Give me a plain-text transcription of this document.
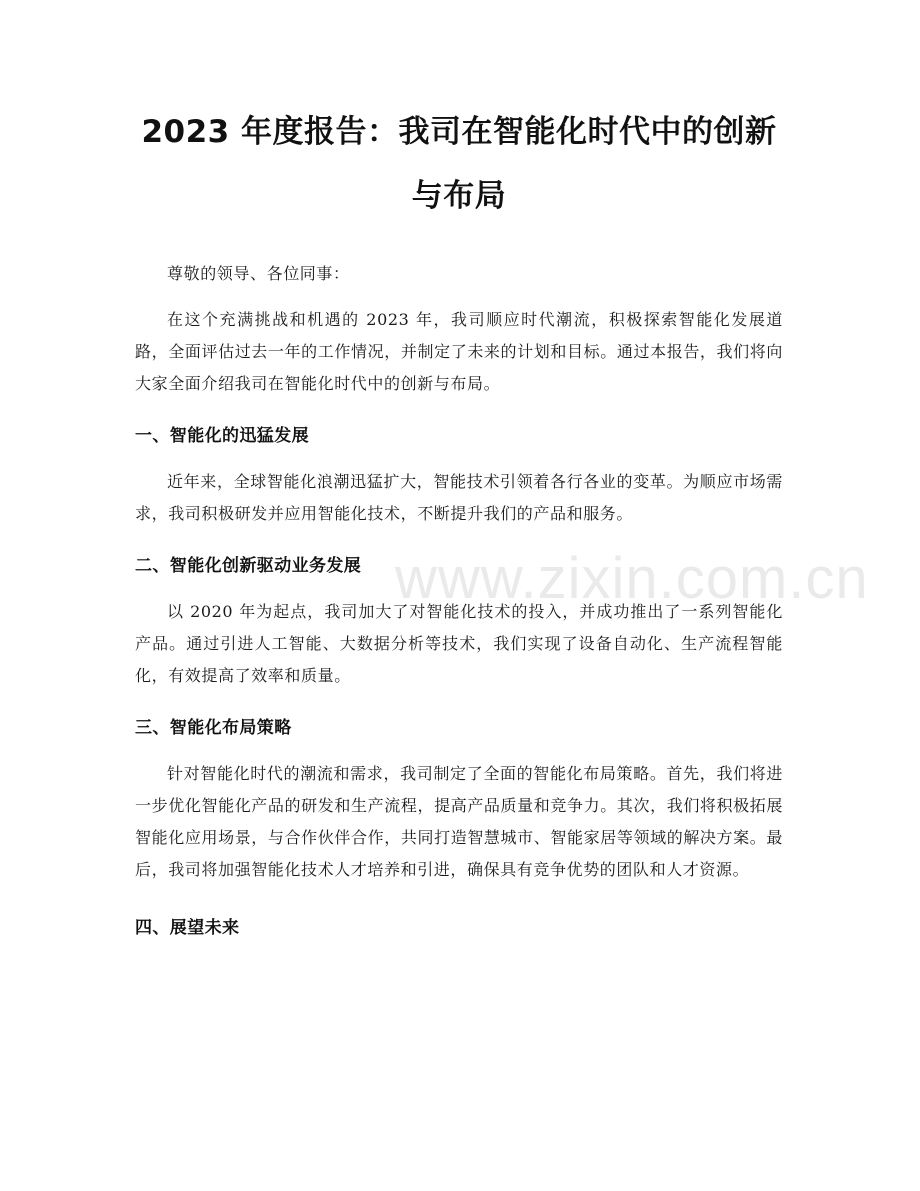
2023 年度报告：我司在智能化时代中的创新与布局

尊敬的领导、各位同事：

在这个充满挑战和机遇的 2023 年，我司顺应时代潮流，积极探索智能化发展道路，全面评估过去一年的工作情况，并制定了未来的计划和目标。通过本报告，我们将向大家全面介绍我司在智能化时代中的创新与布局。

一、智能化的迅猛发展

近年来，全球智能化浪潮迅猛扩大，智能技术引领着各行各业的变革。为顺应市场需求，我司积极研发并应用智能化技术，不断提升我们的产品和服务。

二、智能化创新驱动业务发展

以 2020 年为起点，我司加大了对智能化技术的投入，并成功推出了一系列智能化产品。通过引进人工智能、大数据分析等技术，我们实现了设备自动化、生产流程智能化，有效提高了效率和质量。

三、智能化布局策略

针对智能化时代的潮流和需求，我司制定了全面的智能化布局策略。首先，我们将进一步优化智能化产品的研发和生产流程，提高产品质量和竞争力。其次，我们将积极拓展智能化应用场景，与合作伙伴合作，共同打造智慧城市、智能家居等领域的解决方案。最后，我司将加强智能化技术人才培养和引进，确保具有竞争优势的团队和人才资源。

四、展望未来
www.zixin.com.cn
